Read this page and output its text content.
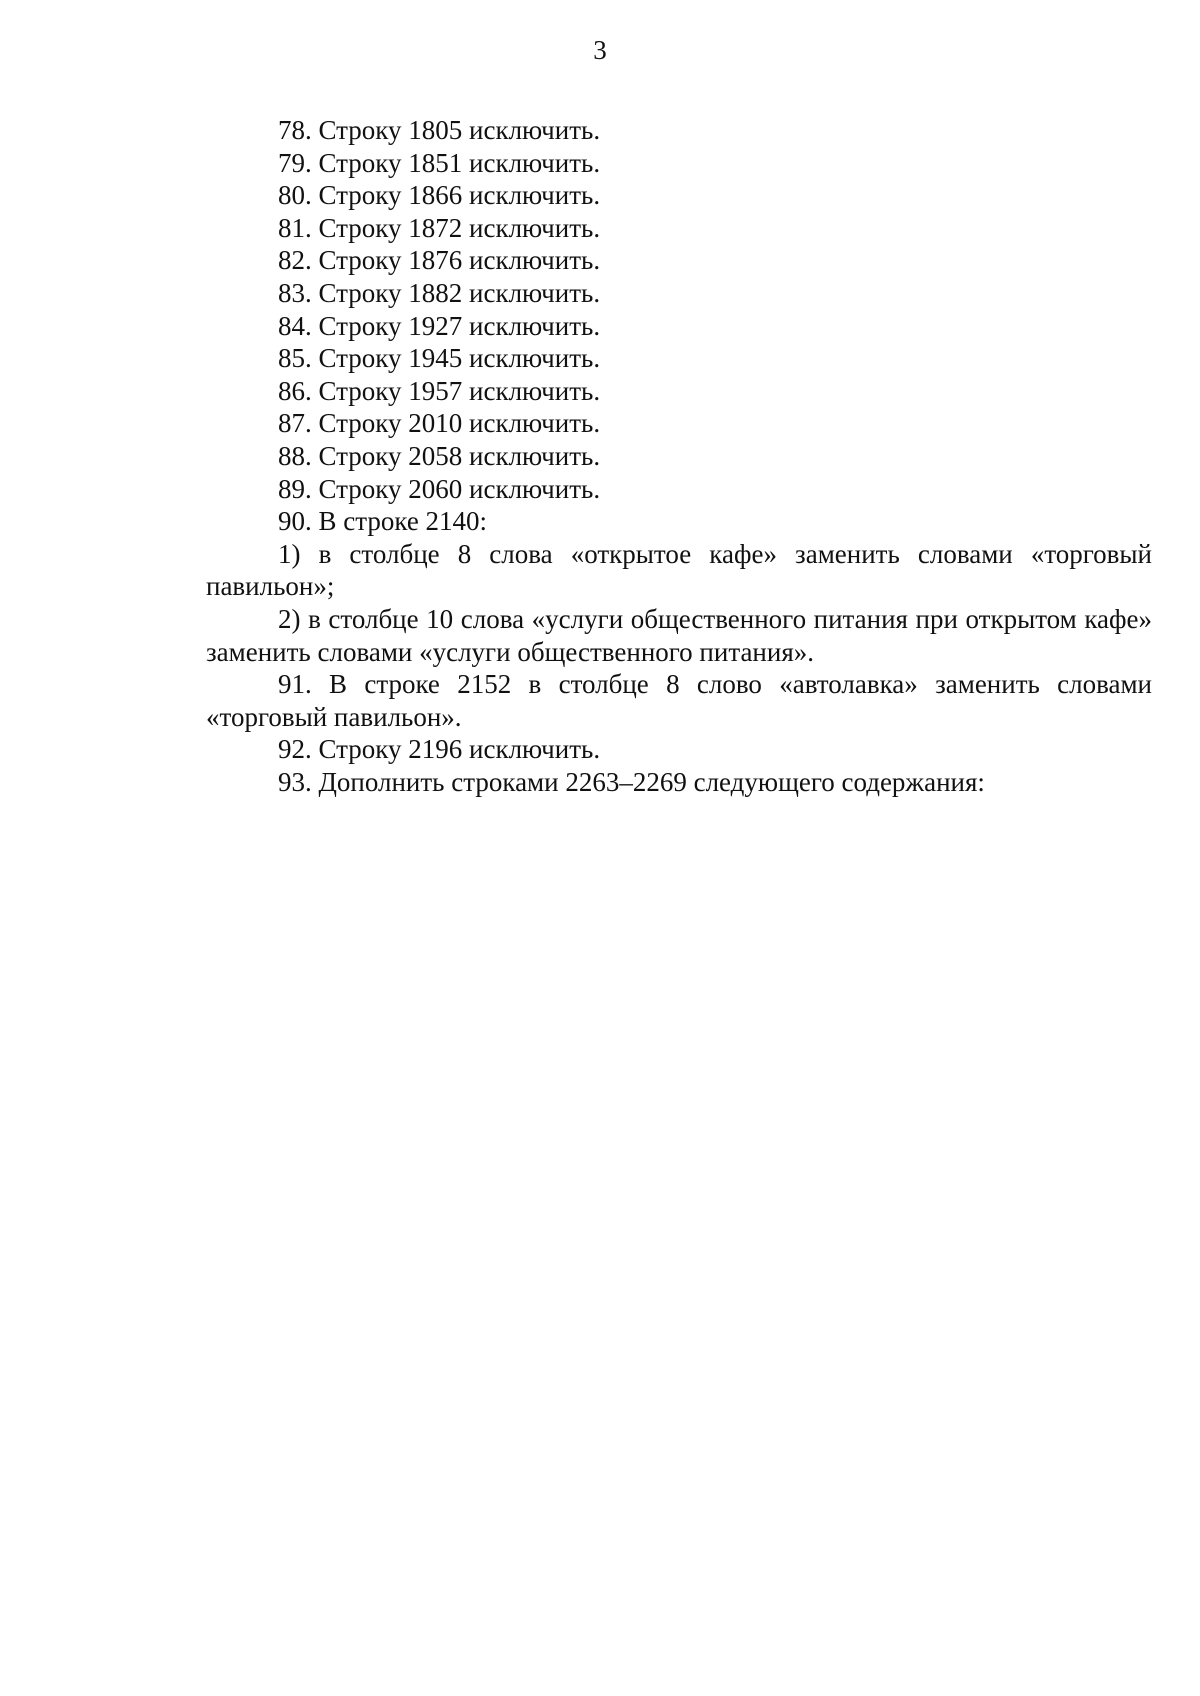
3

78. Строку 1805 исключить.

79. Строку 1851 исключить.

80. Строку 1866 исключить.

81. Строку 1872 исключить.

82. Строку 1876 исключить.

83. Строку 1882 исключить.

84. Строку 1927 исключить.

85. Строку 1945 исключить.

86. Строку 1957 исключить.

87. Строку 2010 исключить.

88. Строку 2058 исключить.

89. Строку 2060 исключить.

90. В строке 2140:

1) в столбце 8 слова «открытое кафе» заменить словами «торговый павильон»;

2) в столбце 10 слова «услуги общественного питания при открытом кафе» заменить словами «услуги общественного питания».

91. В строке 2152 в столбце 8 слово «автолавка» заменить словами «торговый павильон».

92. Строку 2196 исключить.

93. Дополнить строками 2263–2269 следующего содержания:
